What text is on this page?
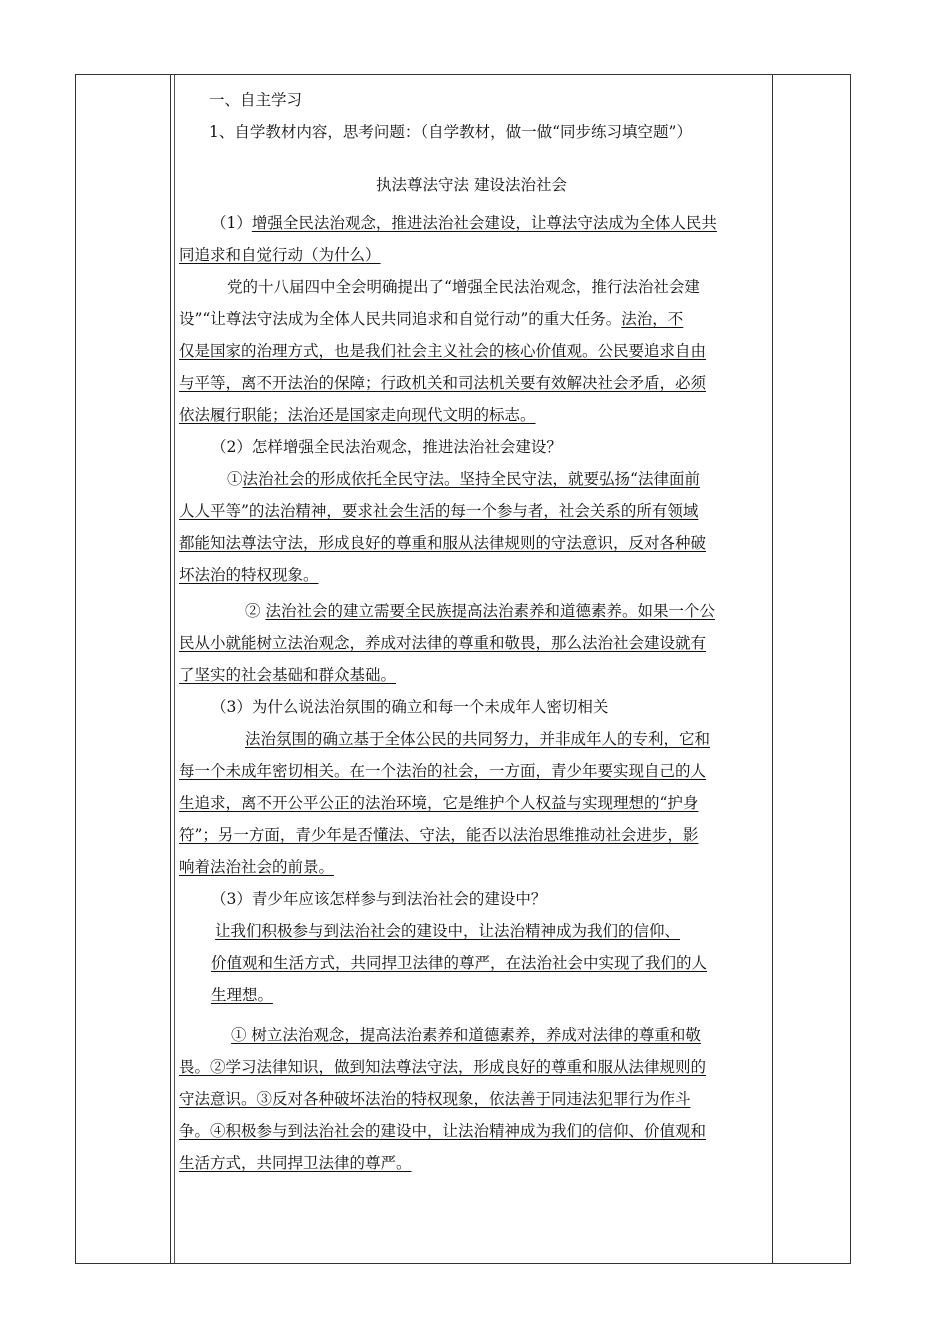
一、自主学习
1、自学教材内容，思考问题：（自学教材，做一做“同步练习填空题”）
执法尊法守法 建设法治社会
（1）增强全民法治观念，推进法治社会建设，让尊法守法成为全体人民共
同追求和自觉行动（为什么）
党的十八届四中全会明确提出了“增强全民法治观念，推行法治社会建
设”“让尊法守法成为全体人民共同追求和自觉行动”的重大任务。法治，不
仅是国家的治理方式，也是我们社会主义社会的核心价值观。公民要追求自由
与平等，离不开法治的保障；行政机关和司法机关要有效解决社会矛盾，必须
依法履行职能；法治还是国家走向现代文明的标志。
（2）怎样增强全民法治观念，推进法治社会建设？
①法治社会的形成依托全民守法。坚持全民守法，就要弘扬“法律面前
人人平等”的法治精神，要求社会生活的每一个参与者，社会关系的所有领域
都能知法尊法守法，形成良好的尊重和服从法律规则的守法意识，反对各种破
坏法治的特权现象。
② 法治社会的建立需要全民族提高法治素养和道德素养。如果一个公
民从小就能树立法治观念，养成对法律的尊重和敬畏，那么法治社会建设就有
了坚实的社会基础和群众基础。
（3）为什么说法治氛围的确立和每一个未成年人密切相关
法治氛围的确立基于全体公民的共同努力，并非成年人的专利，它和
每一个未成年密切相关。在一个法治的社会，一方面，青少年要实现自己的人
生追求，离不开公平公正的法治环境，它是维护个人权益与实现理想的“护身
符”；另一方面，青少年是否懂法、守法，能否以法治思维推动社会进步，影
响着法治社会的前景。
（3）青少年应该怎样参与到法治社会的建设中？
让我们积极参与到法治社会的建设中，让法治精神成为我们的信仰、
价值观和生活方式，共同捍卫法律的尊严，在法治社会中实现了我们的人
生理想。
① 树立法治观念，提高法治素养和道德素养，养成对法律的尊重和敬
畏。②学习法律知识，做到知法尊法守法，形成良好的尊重和服从法律规则的
守法意识。③反对各种破坏法治的特权现象，依法善于同违法犯罪行为作斗
争。④积极参与到法治社会的建设中，让法治精神成为我们的信仰、价值观和
生活方式，共同捍卫法律的尊严。
